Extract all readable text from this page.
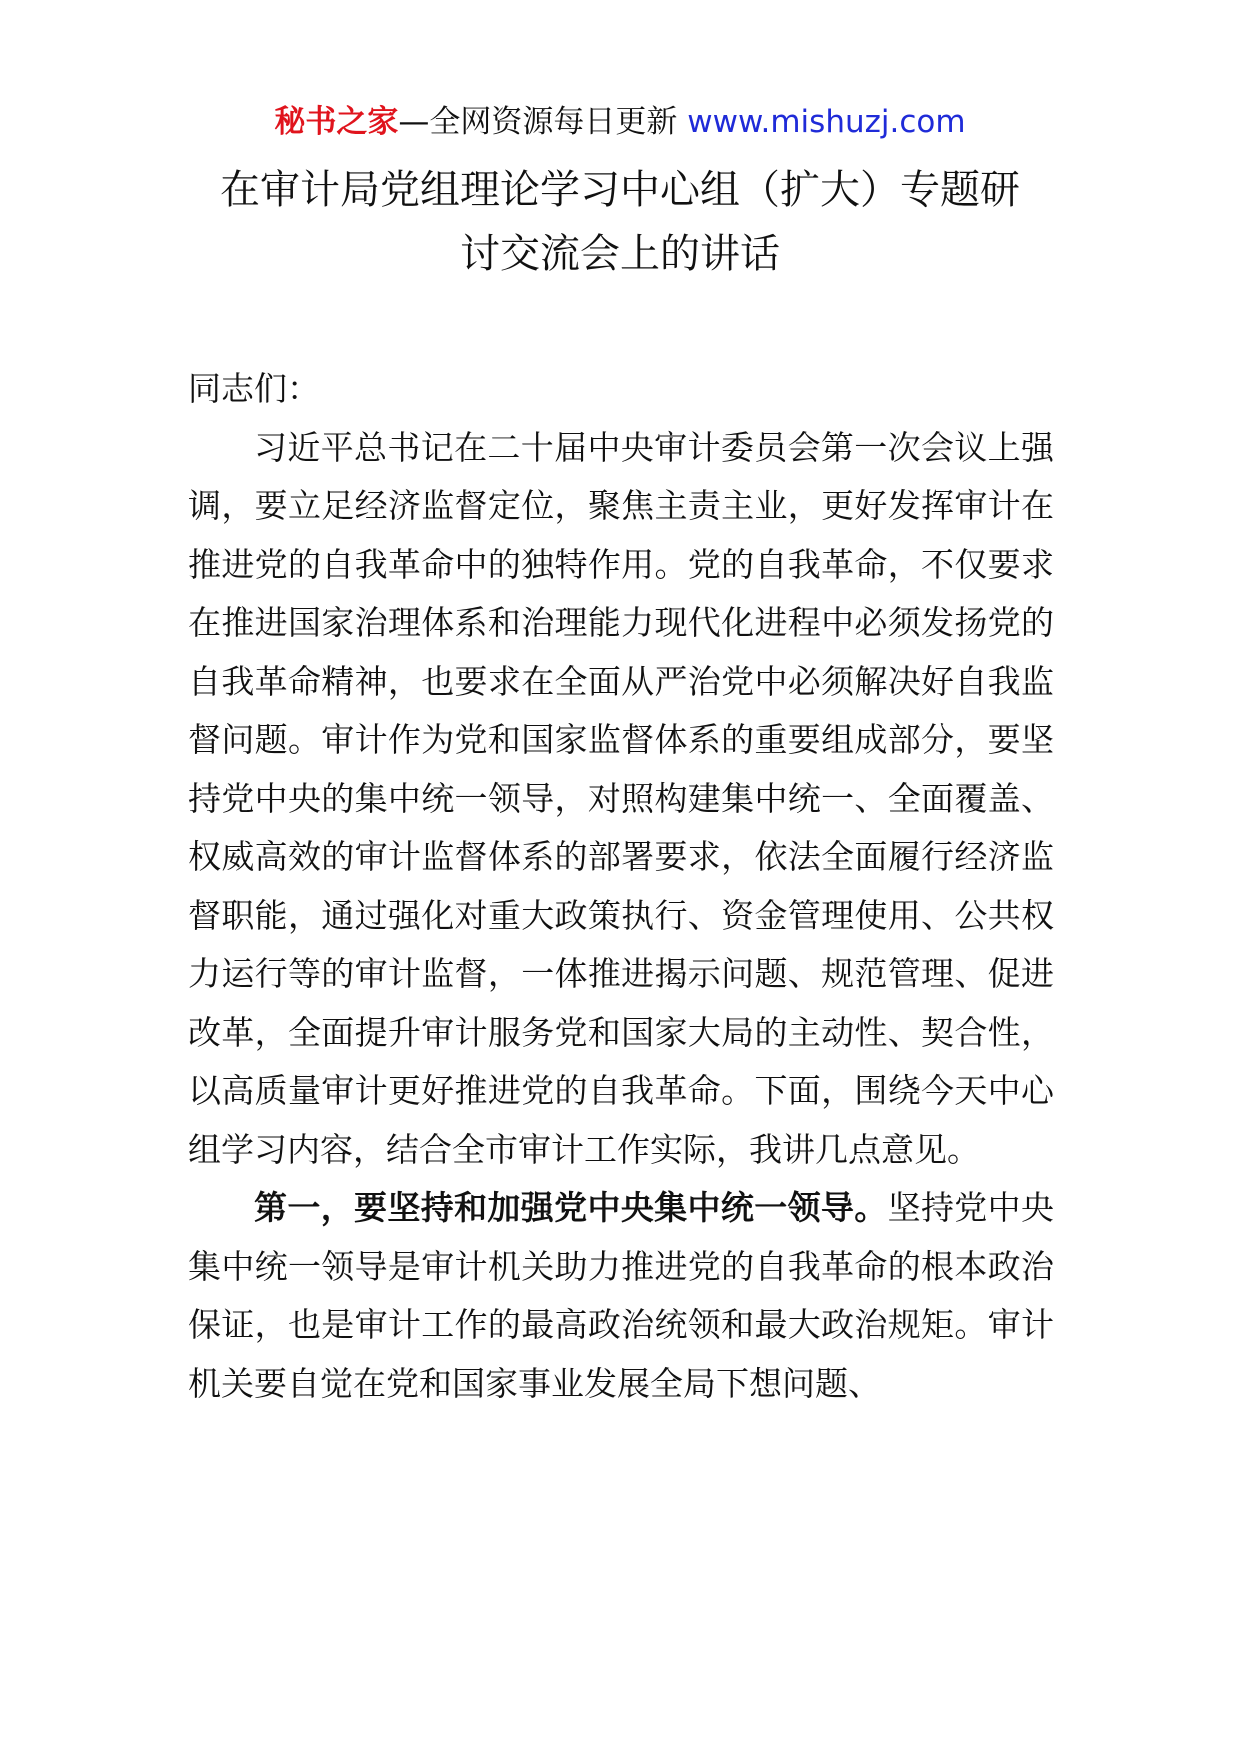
秘书之家—全网资源每日更新 www.mishuzj.com
在审计局党组理论学习中心组（扩大）专题研
讨交流会上的讲话

同志们：

习近平总书记在二十届中央审计委员会第一次会议上强调，要立足经济监督定位，聚焦主责主业，更好发挥审计在推进党的自我革命中的独特作用。党的自我革命，不仅要求在推进国家治理体系和治理能力现代化进程中必须发扬党的自我革命精神，也要求在全面从严治党中必须解决好自我监督问题。审计作为党和国家监督体系的重要组成部分，要坚持党中央的集中统一领导，对照构建集中统一、全面覆盖、权威高效的审计监督体系的部署要求，依法全面履行经济监督职能，通过强化对重大政策执行、资金管理使用、公共权力运行等的审计监督，一体推进揭示问题、规范管理、促进改革，全面提升审计服务党和国家大局的主动性、契合性，以高质量审计更好推进党的自我革命。下面，围绕今天中心组学习内容，结合全市审计工作实际，我讲几点意见。

第一，要坚持和加强党中央集中统一领导。坚持党中央集中统一领导是审计机关助力推进党的自我革命的根本政治保证，也是审计工作的最高政治统领和最大政治规矩。审计机关要自觉在党和国家事业发展全局下想问题、
